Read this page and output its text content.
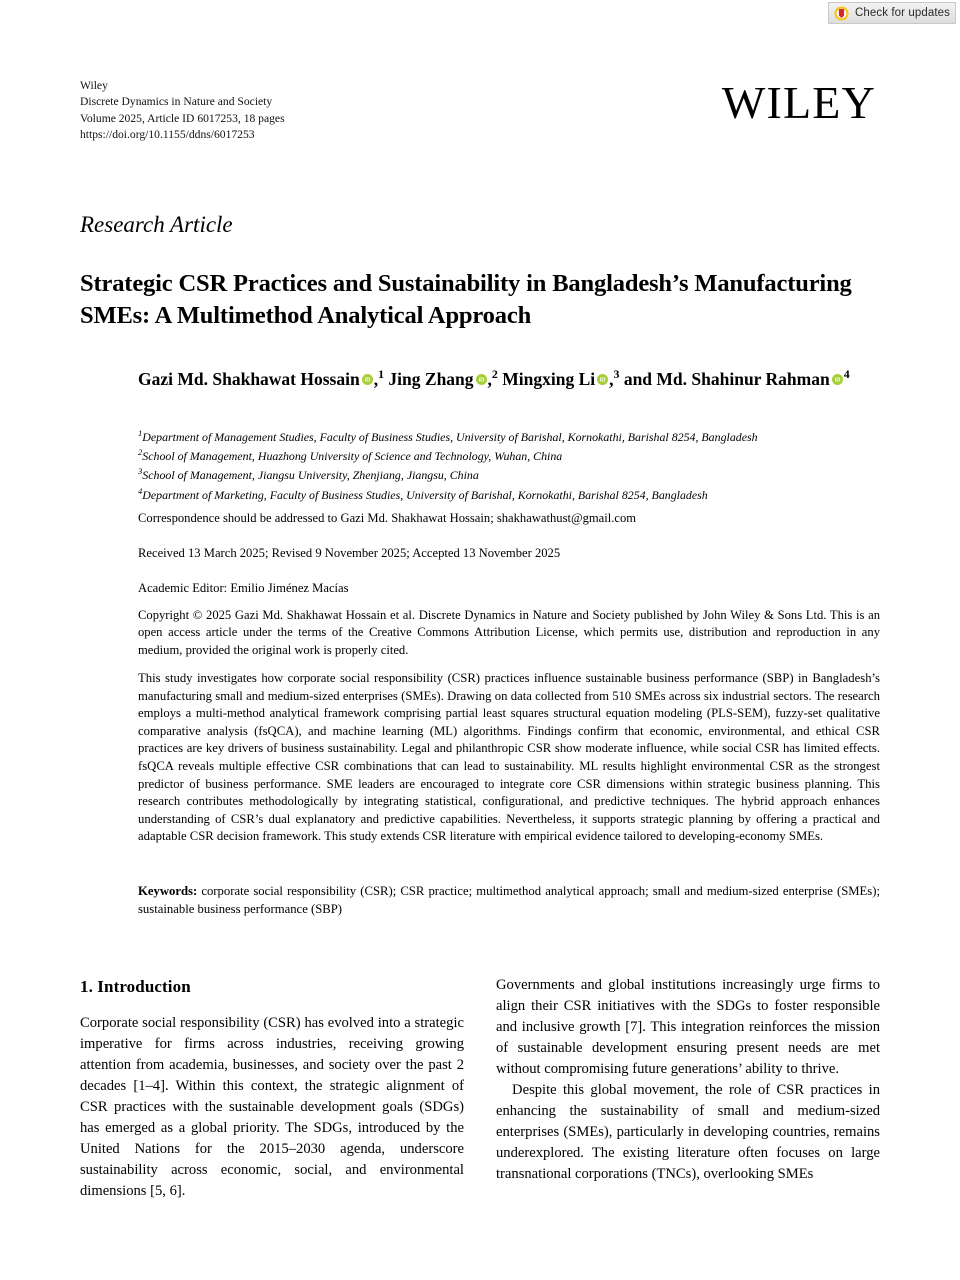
Check for updates
Wiley
Discrete Dynamics in Nature and Society
Volume 2025, Article ID 6017253, 18 pages
https://doi.org/10.1155/ddns/6017253
WILEY
Research Article
Strategic CSR Practices and Sustainability in Bangladesh’s Manufacturing SMEs: A Multimethod Analytical Approach
Gazi Md. Shakhawat Hossain iD ,$^1$ Jing Zhang iD ,$^2$ Mingxing Li iD ,$^3$ and Md. Shahinur Rahman iD
$^4$
$^1$Department of Management Studies, Faculty of Business Studies, University of Barishal, Kornokathi, Barishal 8254, Bangladesh
$^2$School of Management, Huazhong University of Science and Technology, Wuhan, China
$^3$School of Management, Jiangsu University, Zhenjiang, Jiangsu, China
$^4$Department of Marketing, Faculty of Business Studies, University of Barishal, Kornokathi, Barishal 8254, Bangladesh
Correspondence should be addressed to Gazi Md. Shakhawat Hossain; shakhawathust@gmail.com
Received 13 March 2025; Revised 9 November 2025; Accepted 13 November 2025
Academic Editor: Emilio Jiménez Macías
Copyright © 2025 Gazi Md. Shakhawat Hossain et al. Discrete Dynamics in Nature and Society published by John Wiley & Sons Ltd. This is an open access article under the terms of the Creative Commons Attribution License, which permits use, distribution and reproduction in any medium, provided the original work is properly cited.
This study investigates how corporate social responsibility (CSR) practices influence sustainable business performance (SBP) in Bangladesh’s manufacturing small and medium-sized enterprises (SMEs). Drawing on data collected from 510 SMEs across six industrial sectors. The research employs a multi-method analytical framework comprising partial least squares structural equation modeling (PLS-SEM), fuzzy-set qualitative comparative analysis (fsQCA), and machine learning (ML) algorithms. Findings confirm that economic, environmental, and ethical CSR practices are key drivers of business sustainability. Legal and philanthropic CSR show moderate influence, while social CSR has limited effects. fsQCA reveals multiple effective CSR combinations that can lead to sustainability. ML results highlight environmental CSR as the strongest predictor of business performance. SME leaders are encouraged to integrate core CSR dimensions within strategic business planning. This research contributes methodologically by integrating statistical, configurational, and predictive techniques. The hybrid approach enhances understanding of CSR’s dual explanatory and predictive capabilities. Nevertheless, it supports strategic planning by offering a practical and adaptable CSR decision framework. This study extends CSR literature with empirical evidence tailored to developing-economy SMEs.
Keywords: corporate social responsibility (CSR); CSR practice; multimethod analytical approach; small and medium-sized enterprise (SMEs); sustainable business performance (SBP)
1. Introduction

Corporate social responsibility (CSR) has evolved into a strategic imperative for firms across industries, receiving growing attention from academia, businesses, and society over the past 2 decades [1–4]. Within this context, the strategic alignment of CSR practices with the sustainable development goals (SDGs) has emerged as a global priority. The SDGs, introduced by the United Nations for the 2015–2030 agenda, underscore sustainability across economic, social, and environmental dimensions [5, 6].

Governments and global institutions increasingly urge firms to align their CSR initiatives with the SDGs to foster responsible and inclusive growth [7]. This integration reinforces the mission of sustainable development ensuring present needs are met without compromising future generations’ ability to thrive.

Despite this global movement, the role of CSR practices in enhancing the sustainability of small and medium-sized enterprises (SMEs), particularly in developing countries, remains underexplored. The existing literature often focuses on large transnational corporations (TNCs), overlooking SMEs
